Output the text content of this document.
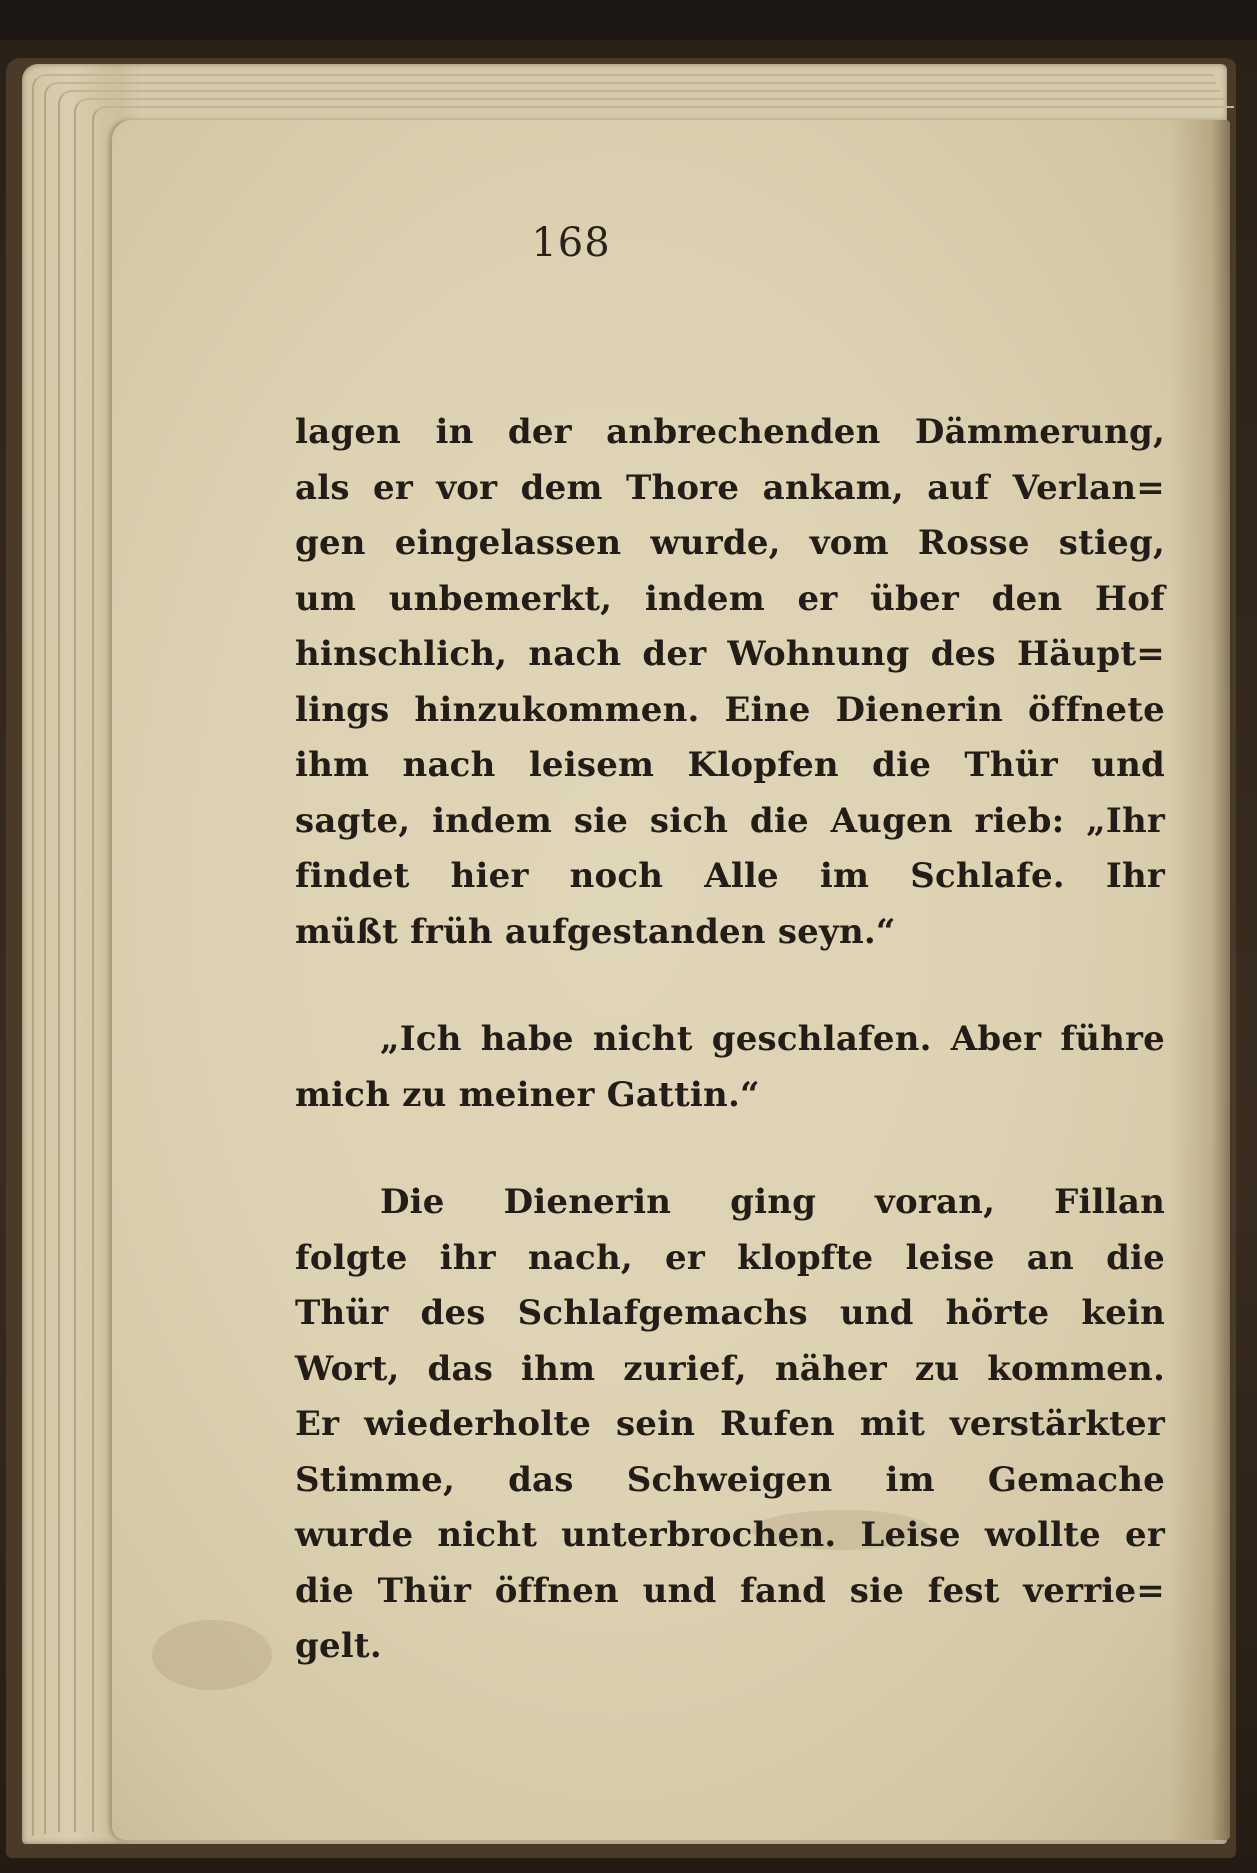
168

lagen in der anbrechenden Dämmerung,
als er vor dem Thore ankam, auf Verlan=
gen eingelassen wurde, vom Rosse stieg,
um unbemerkt, indem er über den Hof
hinschlich, nach der Wohnung des Häupt=
lings hinzukommen. Eine Dienerin öffnete
ihm nach leisem Klopfen die Thür und
sagte, indem sie sich die Augen rieb: „Ihr
findet hier noch Alle im Schlafe. Ihr
müßt früh aufgestanden seyn.“

„Ich habe nicht geschlafen. Aber führe
mich zu meiner Gattin.“

Die Dienerin ging voran, Fillan
folgte ihr nach, er klopfte leise an die
Thür des Schlafgemachs und hörte kein
Wort, das ihm zurief, näher zu kommen.
Er wiederholte sein Rufen mit verstärkter
Stimme, das Schweigen im Gemache
wurde nicht unterbrochen. Leise wollte er
die Thür öffnen und fand sie fest verrie=
gelt.
